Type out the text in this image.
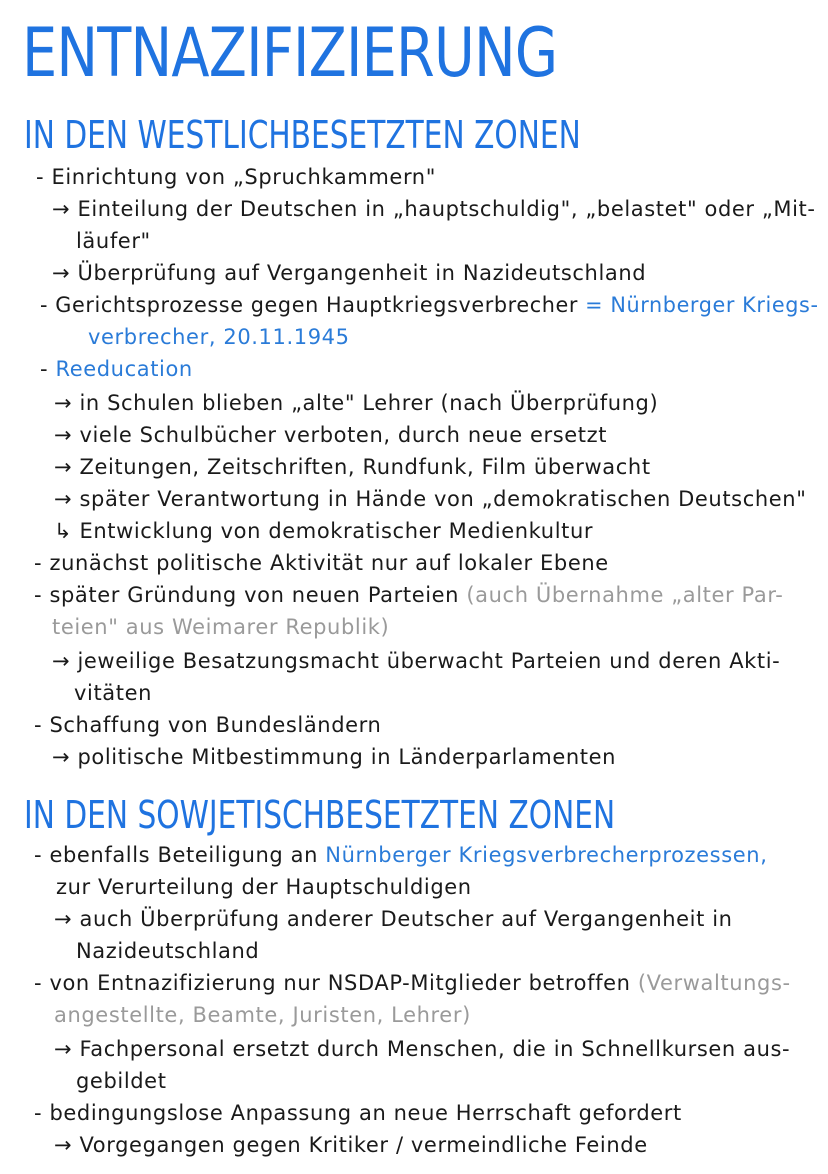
ENTNAZIFIZIERUNG
IN DEN WESTLICHBESETZTEN ZONEN
- Einrichtung von „Spruchkammern"
→ Einteilung der Deutschen in „hauptschuldig", „belastet" oder „Mit-
läufer"
→ Überprüfung auf Vergangenheit in Nazideutschland
- Gerichtsprozesse gegen Hauptkriegsverbrecher = Nürnberger Kriegs-
verbrecher, 20.11.1945
- Reeducation
→ in Schulen blieben „alte" Lehrer (nach Überprüfung)
→ viele Schulbücher verboten, durch neue ersetzt
→ Zeitungen, Zeitschriften, Rundfunk, Film überwacht
→ später Verantwortung in Hände von „demokratischen Deutschen"
↳ Entwicklung von demokratischer Medienkultur
- zunächst politische Aktivität nur auf lokaler Ebene
- später Gründung von neuen Parteien (auch Übernahme „alter Par-
teien" aus Weimarer Republik)
→ jeweilige Besatzungsmacht überwacht Parteien und deren Akti-
vitäten
- Schaffung von Bundesländern
→ politische Mitbestimmung in Länderparlamenten
IN DEN SOWJETISCHBESETZTEN ZONEN
- ebenfalls Beteiligung an Nürnberger Kriegsverbrecherprozessen,
zur Verurteilung der Hauptschuldigen
→ auch Überprüfung anderer Deutscher auf Vergangenheit in
Nazideutschland
- von Entnazifizierung nur NSDAP-Mitglieder betroffen (Verwaltungs-
angestellte, Beamte, Juristen, Lehrer)
→ Fachpersonal ersetzt durch Menschen, die in Schnellkursen aus-
gebildet
- bedingungslose Anpassung an neue Herrschaft gefordert
→ Vorgegangen gegen Kritiker / vermeindliche Feinde
